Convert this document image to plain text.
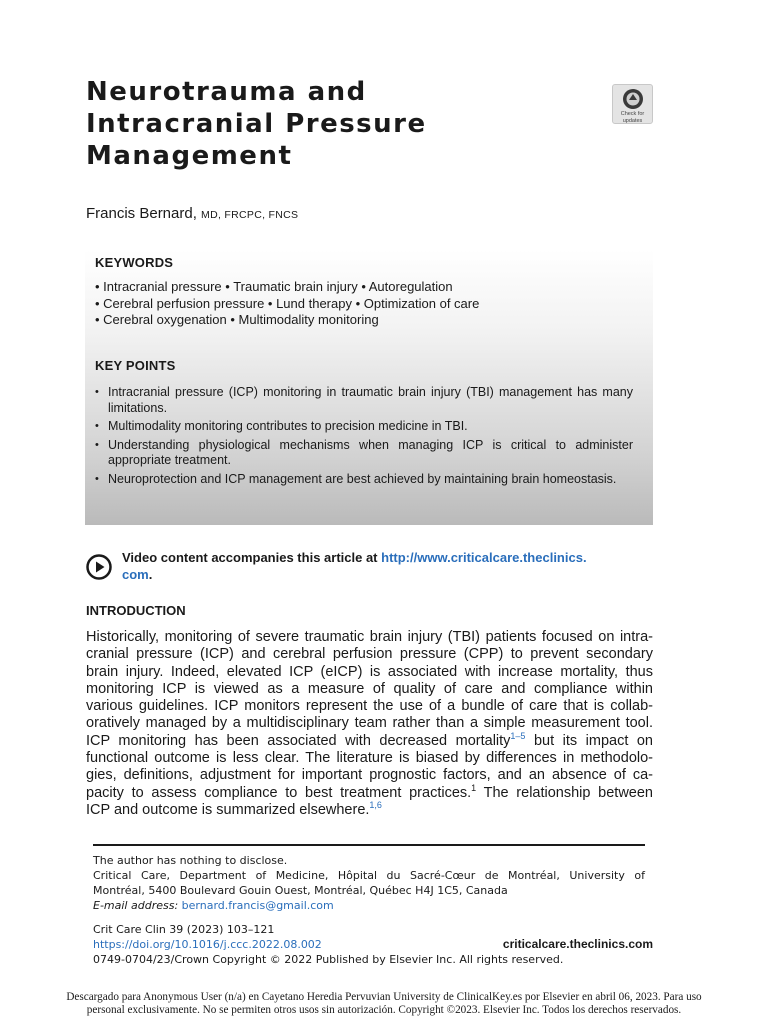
Neurotrauma and
Intracranial Pressure
Management
Check for
updates
Francis Bernard, MD, FRCPC, FNCS
KEYWORDS
• Intracranial pressure • Traumatic brain injury • Autoregulation
• Cerebral perfusion pressure • Lund therapy • Optimization of care
• Cerebral oxygenation • Multimodality monitoring
KEY POINTS
• Intracranial pressure (ICP) monitoring in traumatic brain injury (TBI) management has many limitations.
• Multimodality monitoring contributes to precision medicine in TBI.
• Understanding physiological mechanisms when managing ICP is critical to administer appropriate treatment.
• Neuroprotection and ICP management are best achieved by maintaining brain homeostasis.
Video content accompanies this article at http://www.criticalcare.theclinics.
com.
INTRODUCTION
Historically, monitoring of severe traumatic brain injury (TBI) patients focused on intra-
cranial pressure (ICP) and cerebral perfusion pressure (CPP) to prevent secondary
brain injury. Indeed, elevated ICP (eICP) is associated with increase mortality, thus
monitoring ICP is viewed as a measure of quality of care and compliance within
various guidelines. ICP monitors represent the use of a bundle of care that is collab-
oratively managed by a multidisciplinary team rather than a simple measurement tool.
ICP monitoring has been associated with decreased mortality$^{1-5}$ but its impact on
functional outcome is less clear. The literature is biased by differences in methodolo-
gies, definitions, adjustment for important prognostic factors, and an absence of ca-
pacity to assess compliance to best treatment practices.$^1$ The relationship between
ICP and outcome is summarized elsewhere.$^{1,6}$
The author has nothing to disclose.
Critical Care, Department of Medicine, Hôpital du Sacré-Cœur de Montréal, University of
Montréal, 5400 Boulevard Gouin Ouest, Montréal, Québec H4J 1C5, Canada
E-mail address: bernard.francis@gmail.com
Crit Care Clin 39 (2023) 103–121
https://doi.org/10.1016/j.ccc.2022.08.002	criticalcare.theclinics.com
0749-0704/23/Crown Copyright © 2022 Published by Elsevier Inc. All rights reserved.
Descargado para Anonymous User (n/a) en Cayetano Heredia Pervuvian University de ClinicalKey.es por Elsevier en abril 06, 2023. Para uso
personal exclusivamente. No se permiten otros usos sin autorización. Copyright ©2023. Elsevier Inc. Todos los derechos reservados.
